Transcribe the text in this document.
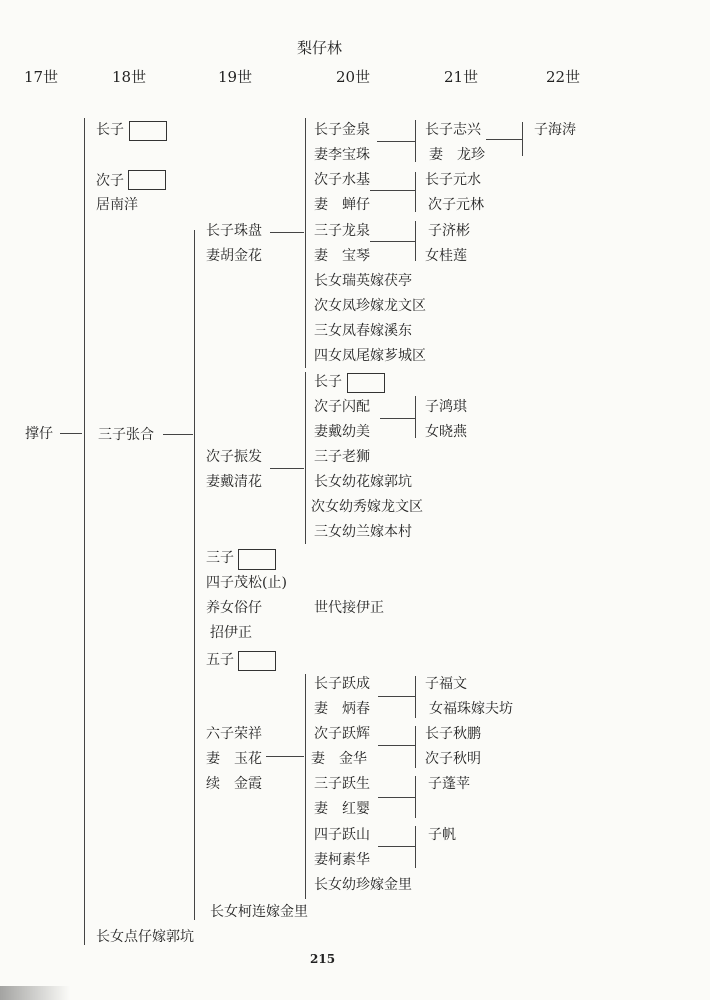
梨仔林
17世	18世	19世	20世	21世	22世
撑仔
长子
次子
居南洋
三子张合
长女点仔嫁郭坑
长子珠盘
妻胡金花
次子振发
妻戴清花
三子
四子茂松(止)
养女俗仔	世代接伊正
招伊正
五子
六子荣祥
妻　玉花
续　金霞
长女柯连嫁金里
长子金泉
妻李宝珠
次子水基
妻　蝉仔
三子龙泉
妻　宝琴
长女瑞英嫁茯亭
次女凤珍嫁龙文区
三女凤春嫁溪东
四女凤尾嫁芗城区
长子
次子闪配
妻戴幼美
三子老狮
长女幼花嫁郭坑
次女幼秀嫁龙文区
三女幼兰嫁本村
长子跃成
妻　炳春
次子跃辉
妻　金华
三子跃生
妻　红婴
四子跃山
妻柯素华
长女幼珍嫁金里
长子志兴
妻　龙珍
长子元水
次子元林
子济彬
女桂莲
子鸿琪
女晓燕
子福文
女福珠嫁夫坊
长子秋鹏
次子秋明
子蓬苹
子帆
子海涛
215
